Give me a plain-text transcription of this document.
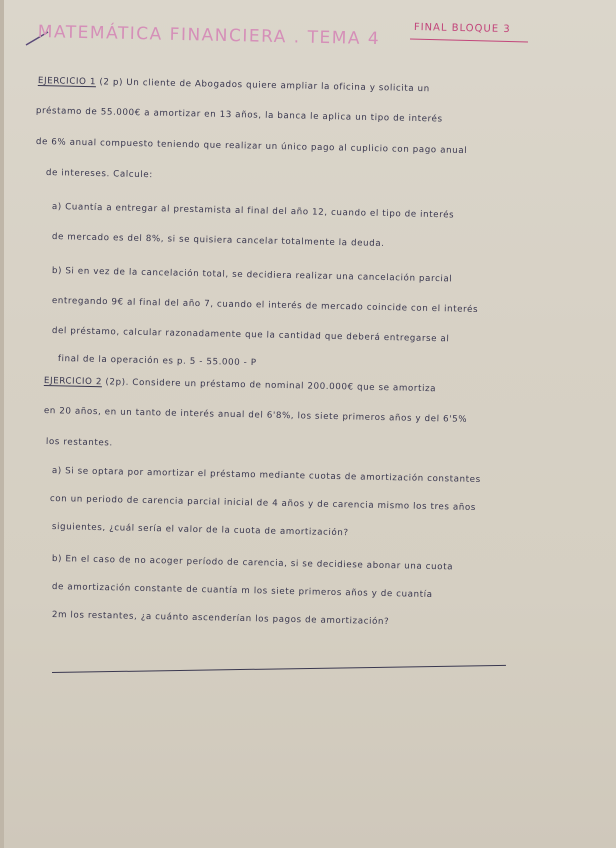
MATEMÁTICA FINANCIERA . TEMA 4	FINAL BLOQUE 3
EJERCICIO 1 (2 p) Un cliente de Abogados quiere ampliar la oficina y solicita un
préstamo de 55.000€ a amortizar en 13 años, la banca le aplica un tipo de interés
de 6% anual compuesto teniendo que realizar un único pago al cuplicio con pago anual
de intereses. Calcule:
a) Cuantía a entregar al prestamista al final del año 12, cuando el tipo de interés
de mercado es del 8%, si se quisiera cancelar totalmente la deuda.
b) Si en vez de la cancelación total, se decidiera realizar una cancelación parcial
entregando 9€ al final del año 7, cuando el interés de mercado coincide con el interés
del préstamo, calcular razonadamente que la cantidad que deberá entregarse al
final de la operación es p. 5 - 55.000 - P
EJERCICIO 2 (2p). Considere un préstamo de nominal 200.000€ que se amortiza
en 20 años, en un tanto de interés anual del 6'8%, los siete primeros años y del 6'5%
los restantes.
a) Si se optara por amortizar el préstamo mediante cuotas de amortización constantes
con un periodo de carencia parcial inicial de 4 años y de carencia mismo los tres años
siguientes, ¿cuál sería el valor de la cuota de amortización?
b) En el caso de no acoger período de carencia, si se decidiese abonar una cuota
de amortización constante de cuantía m los siete primeros años y de cuantía
2m los restantes, ¿a cuánto ascenderían los pagos de amortización?
